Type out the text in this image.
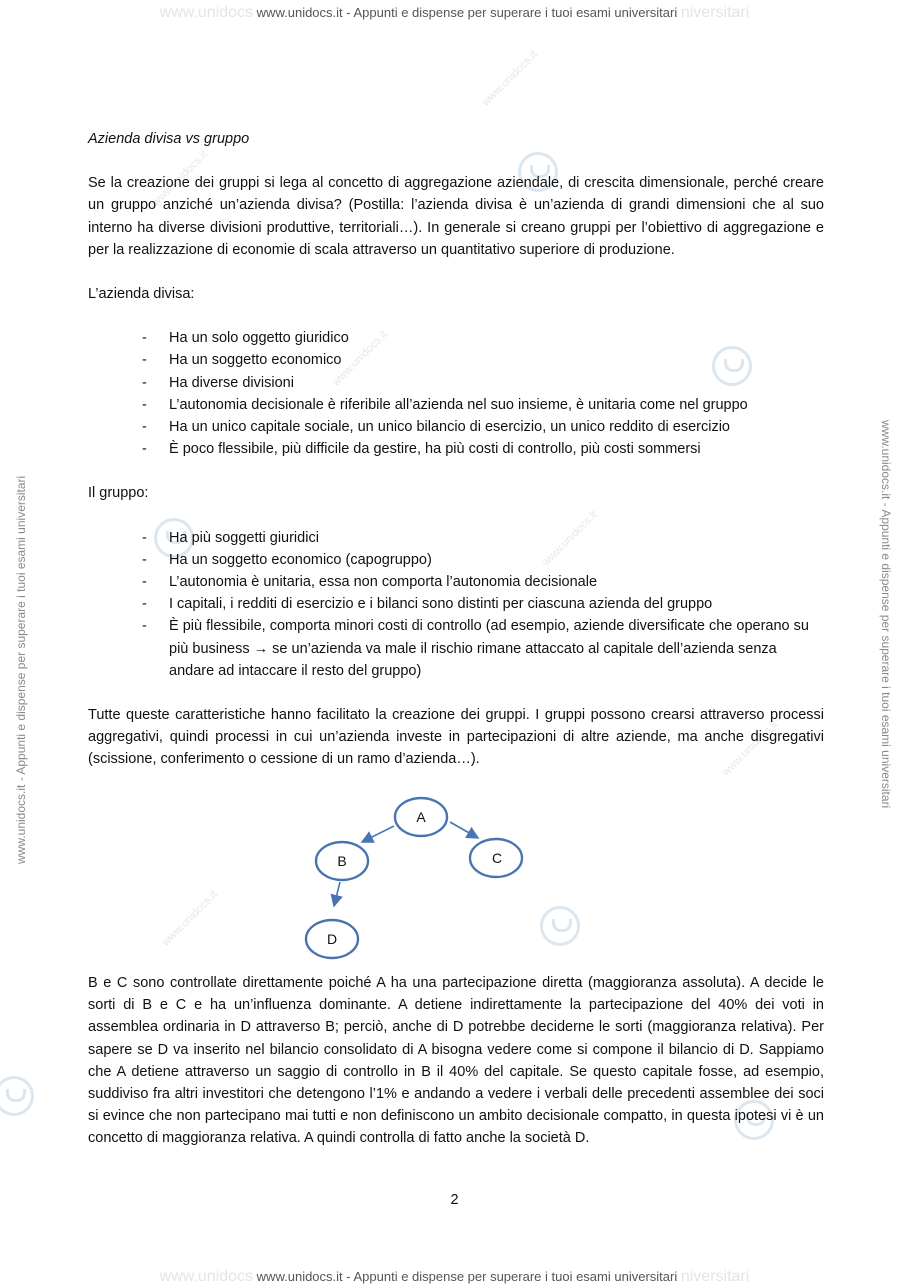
www.unidocs www.unidocs.it - Appunti e dispense per superare i tuoi esami universitari niversitari
www.unidocs www.unidocs.it - Appunti e dispense per superare i tuoi esami universitari niversitari
www.unidocs.it - Appunti e dispense per superare i tuoi esami universitari	www.unidocs.it - Appunti e dispense per superare i tuoi esami universitari
www.unidocs.it
www.unidocs.it
www.unidocs.it
www.unidocs.it
www.unidocs.it
www.unidocs.it

Azienda divisa vs gruppo

Se la creazione dei gruppi si lega al concetto di aggregazione aziendale, di crescita dimensionale, perché creare un gruppo anziché un’azienda divisa? (Postilla: l’azienda divisa è un’azienda di grandi dimensioni che al suo interno ha diverse divisioni produttive, territoriali…). In generale si creano gruppi per l’obiettivo di aggregazione e per la realizzazione di economie di scala attraverso un quantitativo superiore di produzione.

L’azienda divisa:

- Ha un solo oggetto giuridico
- Ha un soggetto economico
- Ha diverse divisioni
- L’autonomia decisionale è riferibile all’azienda nel suo insieme, è unitaria come nel gruppo
- Ha un unico capitale sociale, un unico bilancio di esercizio, un unico reddito di esercizio
- È poco flessibile, più difficile da gestire, ha più costi di controllo, più costi sommersi

Il gruppo:

- Ha più soggetti giuridici
- Ha un soggetto economico (capogruppo)
- L’autonomia è unitaria, essa non comporta l’autonomia decisionale
- I capitali, i redditi di esercizio e i bilanci sono distinti per ciascuna azienda del gruppo
- È più flessibile, comporta minori costi di controllo (ad esempio, aziende diversificate che operano su più business → se un’azienda va male il rischio rimane attaccato al capitale dell’azienda senza andare ad intaccare il resto del gruppo)

Tutte queste caratteristiche hanno facilitato la creazione dei gruppi. I gruppi possono crearsi attraverso processi aggregativi, quindi processi in cui un’azienda investe in partecipazioni di altre aziende, ma anche disgregativi (scissione, conferimento o cessione di un ramo d’azienda…).

A
B	C
D

B e C sono controllate direttamente poiché A ha una partecipazione diretta (maggioranza assoluta). A decide le sorti di B e C e ha un’influenza dominante. A detiene indirettamente la partecipazione del 40% dei voti in assemblea ordinaria in D attraverso B; perciò, anche di D potrebbe deciderne le sorti (maggioranza relativa). Per sapere se D va inserito nel bilancio consolidato di A bisogna vedere come si compone il bilancio di D. Sappiamo che A detiene attraverso un saggio di controllo in B il 40% del capitale. Se questo capitale fosse, ad esempio, suddiviso fra altri investitori che detengono l’1% e andando a vedere i verbali delle precedenti assemblee dei soci si evince che non partecipano mai tutti e non definiscono un ambito decisionale compatto, in questa ipotesi vi è un concetto di maggioranza relativa. A quindi controlla di fatto anche la società D.

2
